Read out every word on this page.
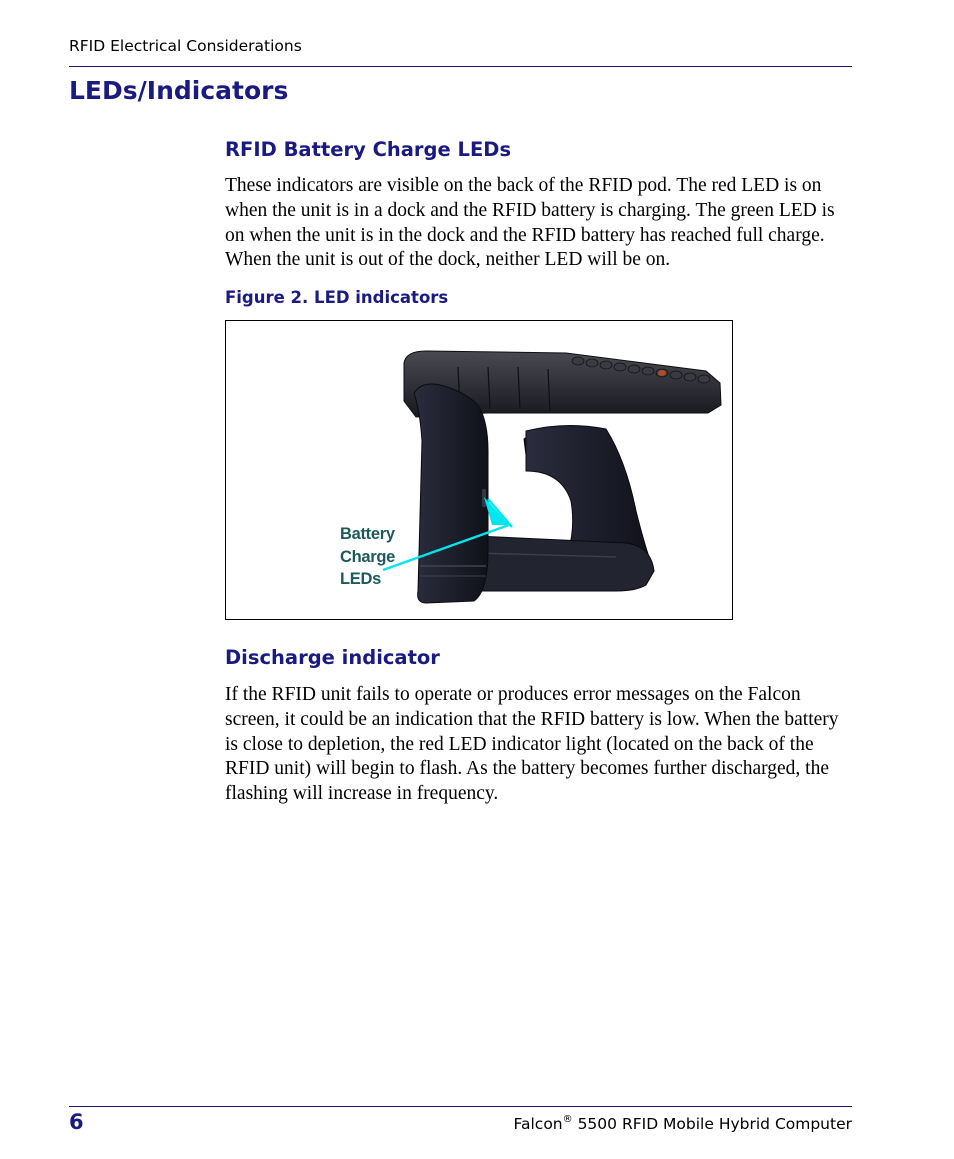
RFID Electrical Considerations
LEDs/Indicators
RFID Battery Charge LEDs

These indicators are visible on the back of the RFID pod. The red LED is on when the unit is in a dock and the RFID battery is charging. The green LED is on when the unit is in the dock and the RFID battery has reached full charge. When the unit is out of the dock, neither LED will be on.

Figure 2. LED indicators
Battery
Charge
LEDs
Discharge indicator

If the RFID unit fails to operate or produces error messages on the Falcon screen, it could be an indication that the RFID battery is low. When the battery is close to depletion, the red LED indicator light (located on the back of the RFID unit) will begin to flash. As the battery becomes further discharged, the flashing will increase in frequency.

6	Falcon® 5500 RFID Mobile Hybrid Computer
